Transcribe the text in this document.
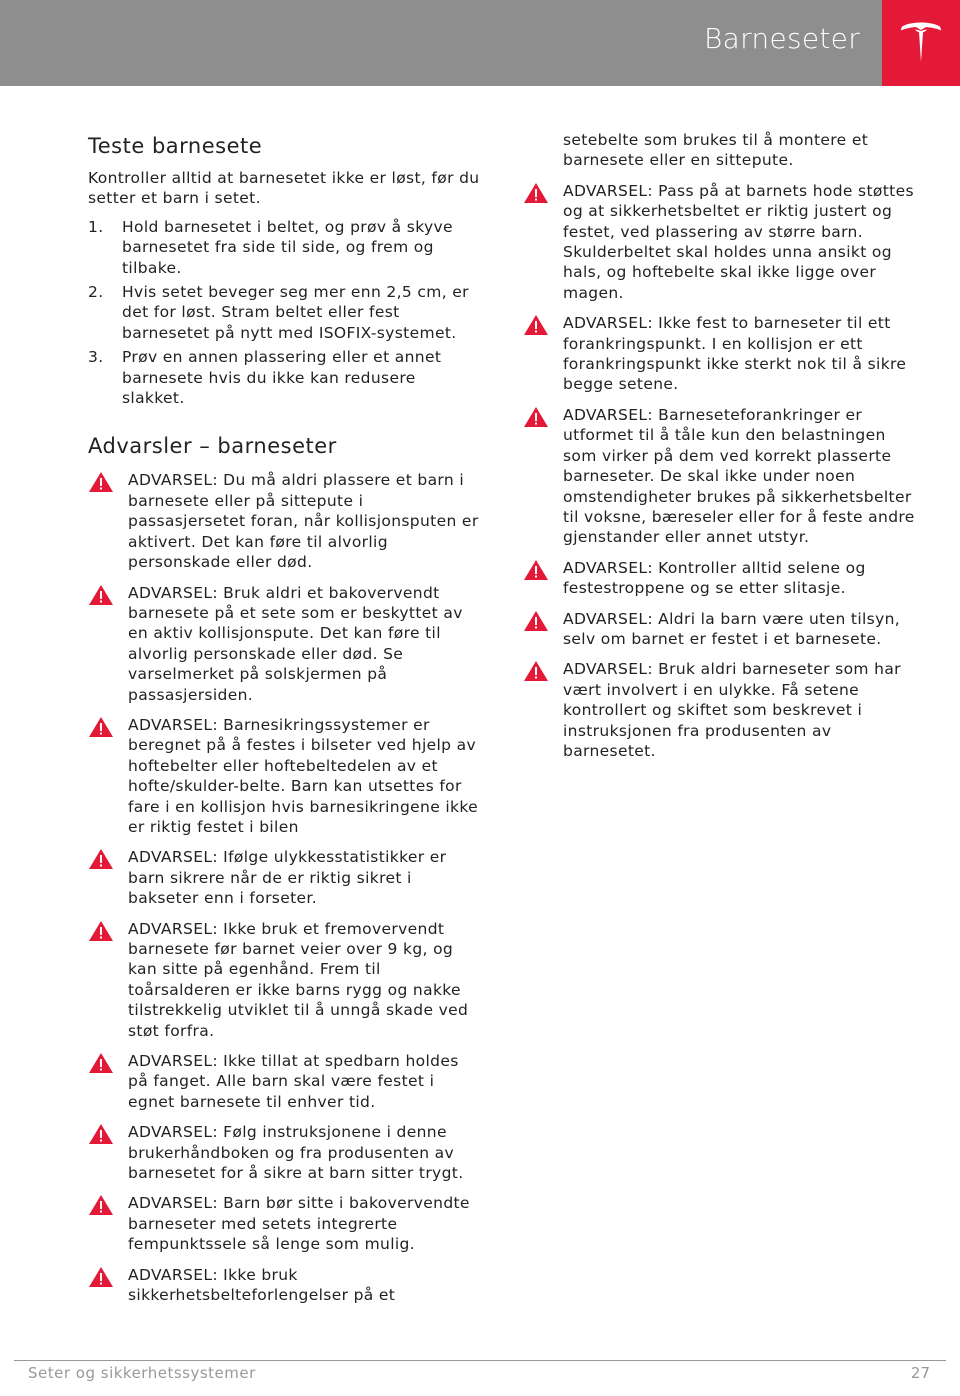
Barneseter
Teste barnesete

Kontroller alltid at barnesetet ikke er løst, før du setter et barn i setet.

1. Hold barnesetet i beltet, og prøv å skyve barnesetet fra side til side, og frem og tilbake.
2. Hvis setet beveger seg mer enn 2,5 cm, er det for løst. Stram beltet eller fest barnesetet på nytt med ISOFIX-systemet.
3. Prøv en annen plassering eller et annet barnesete hvis du ikke kan redusere slakket.
Advarsler – barneseter
ADVARSEL: Du må aldri plassere et barn i barnesete eller på sittepute i passasjersetet foran, når kollisjonsputen er aktivert. Det kan føre til alvorlig personskade eller død.
ADVARSEL: Bruk aldri et bakovervendt barnesete på et sete som er beskyttet av en aktiv kollisjonspute. Det kan føre til alvorlig personskade eller død. Se varselmerket på solskjermen på passasjersiden.
ADVARSEL: Barnesikringssystemer er beregnet på å festes i bilseter ved hjelp av hoftebelter eller hoftebeltedelen av et hofte/skulder-belte. Barn kan utsettes for fare i en kollisjon hvis barnesikringene ikke er riktig festet i bilen
ADVARSEL: Ifølge ulykkesstatistikker er barn sikrere når de er riktig sikret i bakseter enn i forseter.
ADVARSEL: Ikke bruk et fremovervendt barnesete før barnet veier over 9 kg, og kan sitte på egenhånd. Frem til toårsalderen er ikke barns rygg og nakke tilstrekkelig utviklet til å unngå skade ved støt forfra.
ADVARSEL: Ikke tillat at spedbarn holdes på fanget. Alle barn skal være festet i egnet barnesete til enhver tid.
ADVARSEL: Følg instruksjonene i denne brukerhåndboken og fra produsenten av barnesetet for å sikre at barn sitter trygt.
ADVARSEL: Barn bør sitte i bakovervendte barneseter med setets integrerte fempunktssele så lenge som mulig.
ADVARSEL: Ikke bruk sikkerhetsbelteforlengelser på et
setebelte som brukes til å montere et barnesete eller en sittepute.
ADVARSEL: Pass på at barnets hode støttes og at sikkerhetsbeltet er riktig justert og festet, ved plassering av større barn. Skulderbeltet skal holdes unna ansikt og hals, og hoftebelte skal ikke ligge over magen.
ADVARSEL: Ikke fest to barneseter til ett forankringspunkt. I en kollisjon er ett forankringspunkt ikke sterkt nok til å sikre begge setene.
ADVARSEL: Barneseteforankringer er utformet til å tåle kun den belastningen som virker på dem ved korrekt plasserte barneseter. De skal ikke under noen omstendigheter brukes på sikkerhetsbelter til voksne, bæreseler eller for å feste andre gjenstander eller annet utstyr.
ADVARSEL: Kontroller alltid selene og festestroppene og se etter slitasje.
ADVARSEL: Aldri la barn være uten tilsyn, selv om barnet er festet i et barnesete.
ADVARSEL: Bruk aldri barneseter som har vært involvert i en ulykke. Få setene kontrollert og skiftet som beskrevet i instruksjonen fra produsenten av barnesetet.
Seter og sikkerhetssystemer	27
